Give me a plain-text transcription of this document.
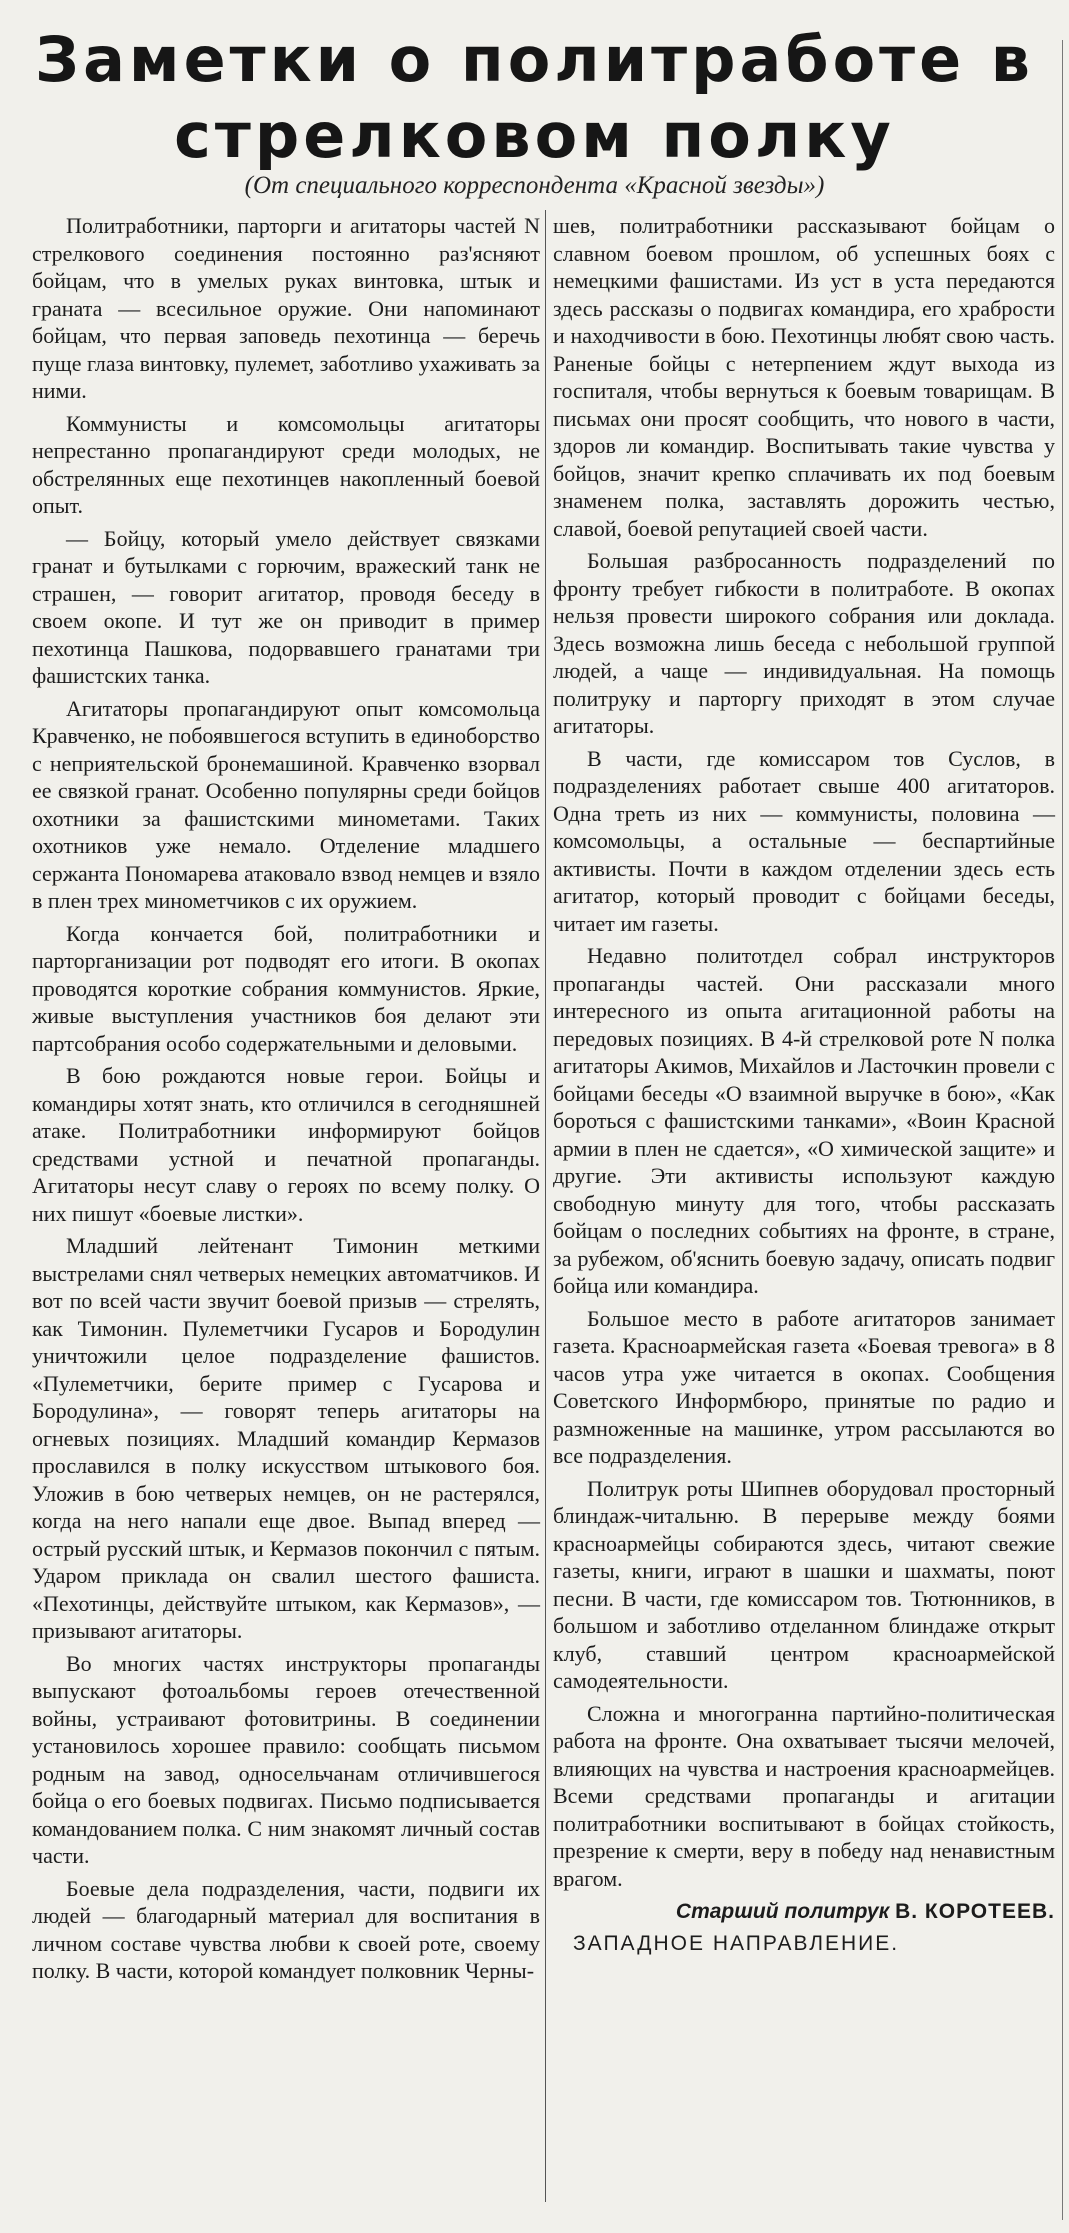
Заметки о политработе в
стрелковом полку
(От специального корреспондента «Красной звезды»)

Политработники, парторги и агитаторы частей N стрелкового соединения постоянно раз'ясняют бойцам, что в умелых руках винтовка, штык и граната — всесильное оружие. Они напоминают бойцам, что первая заповедь пехотинца — беречь пуще глаза винтовку, пулемет, заботливо ухаживать за ними.

Коммунисты и комсомольцы агитаторы непрестанно пропагандируют среди молодых, не обстрелянных еще пехотинцев накопленный боевой опыт.

— Бойцу, который умело действует связками гранат и бутылками с горючим, вражеский танк не страшен, — говорит агитатор, проводя беседу в своем окопе. И тут же он приводит в пример пехотинца Пашкова, подорвавшего гранатами три фашистских танка.

Агитаторы пропагандируют опыт комсомольца Кравченко, не побоявшегося вступить в единоборство с неприятельской бронемашиной. Кравченко взорвал ее связкой гранат. Особенно популярны среди бойцов охотники за фашистскими минометами. Таких охотников уже немало. Отделение младшего сержанта Пономарева атаковало взвод немцев и взяло в плен трех минометчиков с их оружием.

Когда кончается бой, политработники и парторганизации рот подводят его итоги. В окопах проводятся короткие собрания коммунистов. Яркие, живые выступления участников боя делают эти партсобрания особо содержательными и деловыми.

В бою рождаются новые герои. Бойцы и командиры хотят знать, кто отличился в сегодняшней атаке. Политработники информируют бойцов средствами устной и печатной пропаганды. Агитаторы несут славу о героях по всему полку. О них пишут «боевые листки».

Младший лейтенант Тимонин меткими выстрелами снял четверых немецких автоматчиков. И вот по всей части звучит боевой призыв — стрелять, как Тимонин. Пулеметчики Гусаров и Бородулин уничтожили целое подразделение фашистов. «Пулеметчики, берите пример с Гусарова и Бородулина», — говорят теперь агитаторы на огневых позициях. Младший командир Кермазов прославился в полку искусством штыкового боя. Уложив в бою четверых немцев, он не растерялся, когда на него напали еще двое. Выпад вперед — острый русский штык, и Кермазов покончил с пятым. Ударом приклада он свалил шестого фашиста. «Пехотинцы, действуйте штыком, как Кермазов», — призывают агитаторы.

Во многих частях инструкторы пропаганды выпускают фотоальбомы героев отечественной войны, устраивают фотовитрины. В соединении установилось хорошее правило: сообщать письмом родным на завод, односельчанам отличившегося бойца о его боевых подвигах. Письмо подписывается командованием полка. С ним знакомят личный состав части.

Боевые дела подразделения, части, подвиги их людей — благодарный материал для воспитания в личном составе чувства любви к своей роте, своему полку. В части, которой командует полковник Черны-

шев, политработники рассказывают бойцам о славном боевом прошлом, об успешных боях с немецкими фашистами. Из уст в уста передаются здесь рассказы о подвигах командира, его храбрости и находчивости в бою. Пехотинцы любят свою часть. Раненые бойцы с нетерпением ждут выхода из госпиталя, чтобы вернуться к боевым товарищам. В письмах они просят сообщить, что нового в части, здоров ли командир. Воспитывать такие чувства у бойцов, значит крепко сплачивать их под боевым знаменем полка, заставлять дорожить честью, славой, боевой репутацией своей части.

Большая разбросанность подразделений по фронту требует гибкости в политработе. В окопах нельзя провести широкого собрания или доклада. Здесь возможна лишь беседа с небольшой группой людей, а чаще — индивидуальная. На помощь политруку и парторгу приходят в этом случае агитаторы.

В части, где комиссаром тов Суслов, в подразделениях работает свыше 400 агитаторов. Одна треть из них — коммунисты, половина — комсомольцы, а остальные — беспартийные активисты. Почти в каждом отделении здесь есть агитатор, который проводит с бойцами беседы, читает им газеты.

Недавно политотдел собрал инструкторов пропаганды частей. Они рассказали много интересного из опыта агитационной работы на передовых позициях. В 4-й стрелковой роте N полка агитаторы Акимов, Михайлов и Ласточкин провели с бойцами беседы «О взаимной выручке в бою», «Как бороться с фашистскими танками», «Воин Красной армии в плен не сдается», «О химической защите» и другие. Эти активисты используют каждую свободную минуту для того, чтобы рассказать бойцам о последних событиях на фронте, в стране, за рубежом, об'яснить боевую задачу, описать подвиг бойца или командира.

Большое место в работе агитаторов занимает газета. Красноармейская газета «Боевая тревога» в 8 часов утра уже читается в окопах. Сообщения Советского Информбюро, принятые по радио и размноженные на машинке, утром рассылаются во все подразделения.

Политрук роты Шипнев оборудовал просторный блиндаж-читальню. В перерыве между боями красноармейцы собираются здесь, читают свежие газеты, книги, играют в шашки и шахматы, поют песни. В части, где комиссаром тов. Тютюнников, в большом и заботливо отделанном блиндаже открыт клуб, ставший центром красноармейской самодеятельности.

Сложна и многогранна партийно-политическая работа на фронте. Она охватывает тысячи мелочей, влияющих на чувства и настроения красноармейцев. Всеми средствами пропаганды и агитации политработники воспитывают в бойцах стойкость, презрение к смерти, веру в победу над ненавистным врагом.

Старший политрук В. КОРОТЕЕВ.
ЗАПАДНОЕ НАПРАВЛЕНИЕ.
